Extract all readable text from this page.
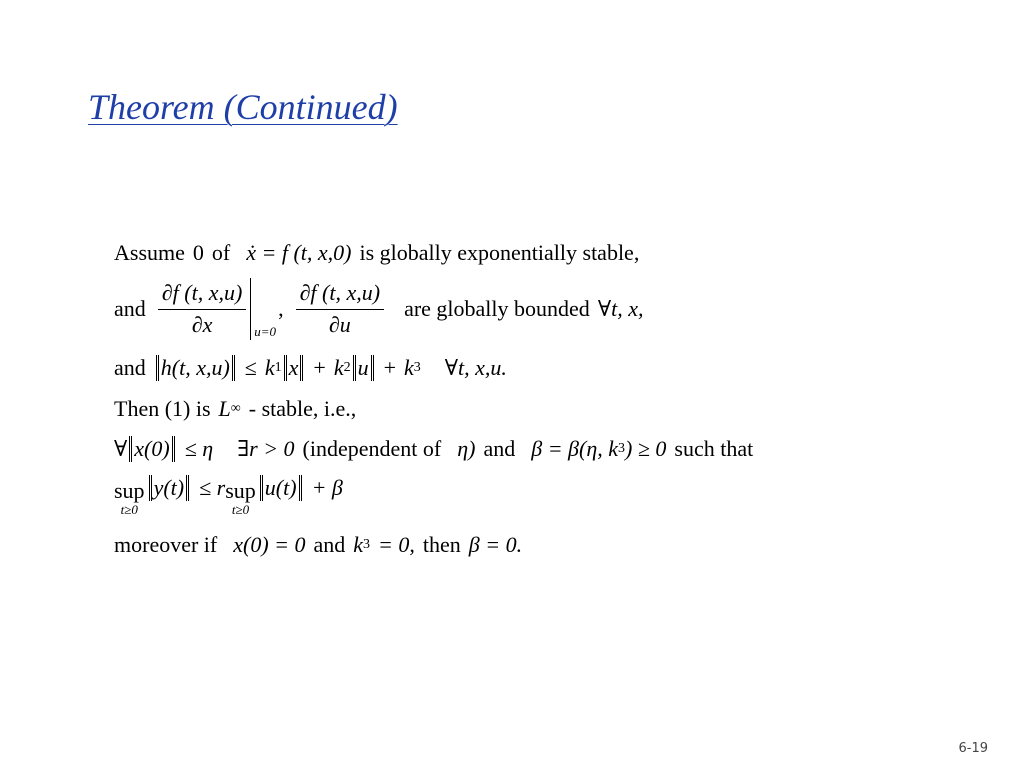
Theorem (Continued)
Assume 0 of ẋ = f (t, x,0) is globally exponentially stable,
and $\frac{\partial f (t, x,u)}{\partial x} u=0$
, $\frac{\partial f (t, x,u)}{\partial u}$ are globally bounded ∀t, x,
and h(t, x,u) ≤ k 1 x + k 2 u + k 3 ∀t, x,u.
Then (1) is L ∞ - stable, i.e.,
∀ x(0) ≤ η ∃r > 0 (independent of η) and β = β(η, k 3 ) ≥ 0 such that
sup
t≥0
y(t) ≤ r sup
t≥0
u(t) + β
moreover if x(0) = 0 and k 3 = 0, then β = 0.
6-19
